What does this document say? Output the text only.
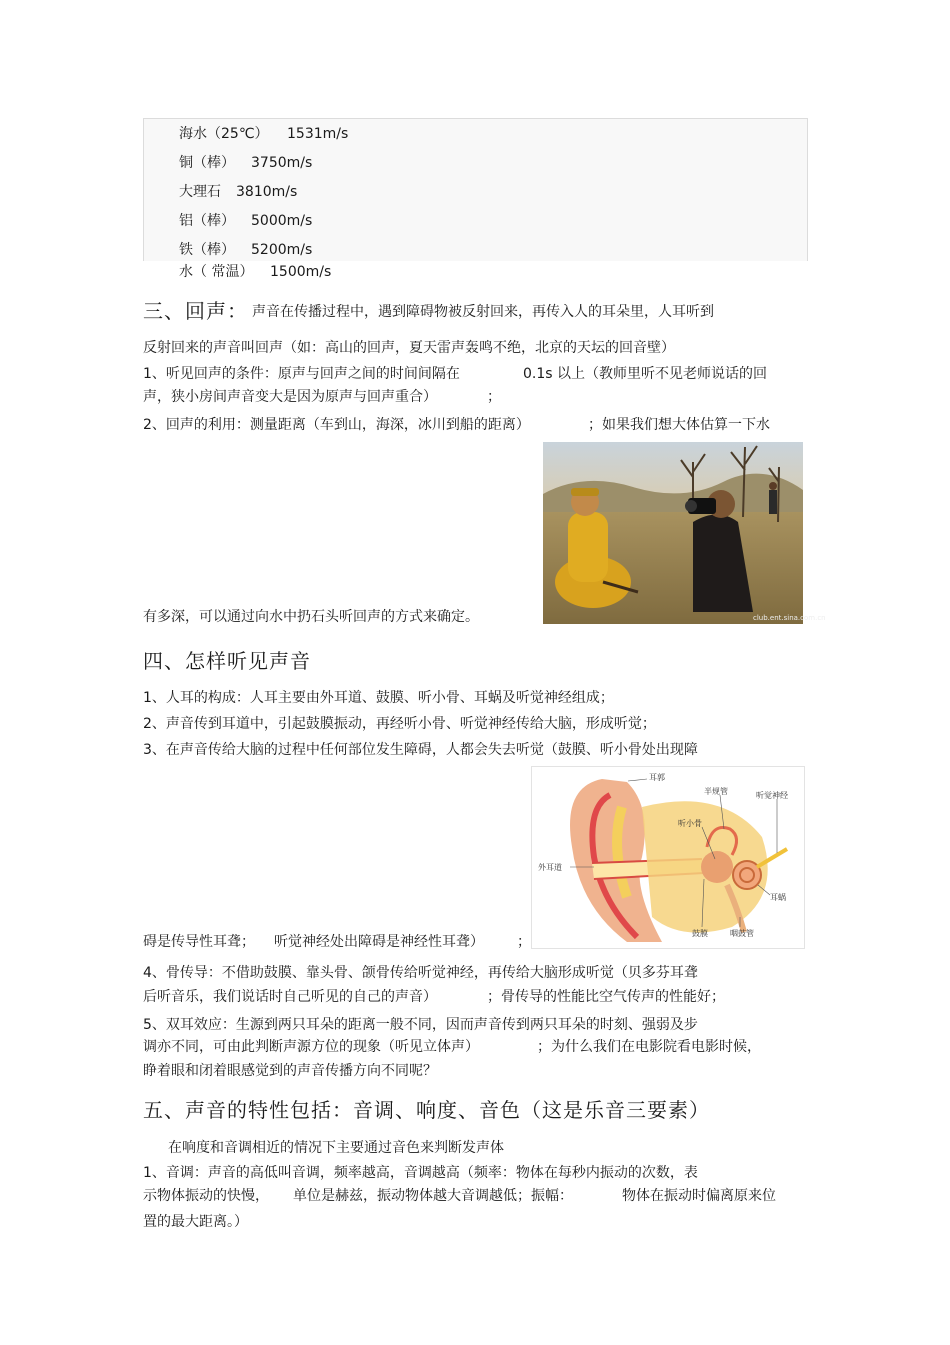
海水（25℃） 1531m/s
铜（棒） 3750m/s
大理石 3810m/s
铝（棒） 5000m/s
铁（棒） 5200m/s
水（ 常温） 1500m/s
三、回声： 声音在传播过程中，遇到障碍物被反射回来，再传入人的耳朵里，人耳听到
反射回来的声音叫回声（如：高山的回声，夏天雷声轰鸣不绝，北京的天坛的回音壁）
1、听见回声的条件：原声与回声之间的时间间隔在	0.1s 以上（教师里听不见老师说话的回
声，狭小房间声音变大是因为原声与回声重合）	；
2、回声的利用：测量距离（车到山，海深，冰川到船的距离）	；如果我们想大体估算一下水
有多深，可以通过向水中扔石头听回声的方式来确定。	club.ent.sina.com.cn
四、怎样听见声音
1、人耳的构成：人耳主要由外耳道、鼓膜、听小骨、耳蜗及听觉神经组成；
2、声音传到耳道中，引起鼓膜振动，再经听小骨、听觉神经传给大脑，形成听觉；
3、在声音传给大脑的过程中任何部位发生障碍，人都会失去听觉（鼓膜、听小骨处出现障
碍是传导性耳聋； 听觉神经处出障碍是神经性耳聋） ；
耳郭
半规管	听觉神经
听小骨
外耳道
耳蜗
鼓膜	咽鼓管
4、骨传导：不借助鼓膜、靠头骨、颌骨传给听觉神经，再传给大脑形成听觉（贝多芬耳聋
后听音乐，我们说话时自己听见的自己的声音）	；骨传导的性能比空气传声的性能好；
5、双耳效应：生源到两只耳朵的距离一般不同，因而声音传到两只耳朵的时刻、强弱及步
调亦不同，可由此判断声源方位的现象（听见立体声）	；为什么我们在电影院看电影时候，
睁着眼和闭着眼感觉到的声音传播方向不同呢？
五、声音的特性包括：音调、响度、音色（这是乐音三要素）
在响度和音调相近的情况下主要通过音色来判断发声体
1、音调：声音的高低叫音调，频率越高，音调越高（频率：物体在每秒内振动的次数，表
示物体振动的快慢， 单位是赫兹，振动物体越大音调越低；振幅：	物体在振动时偏离原来位
置的最大距离。）
